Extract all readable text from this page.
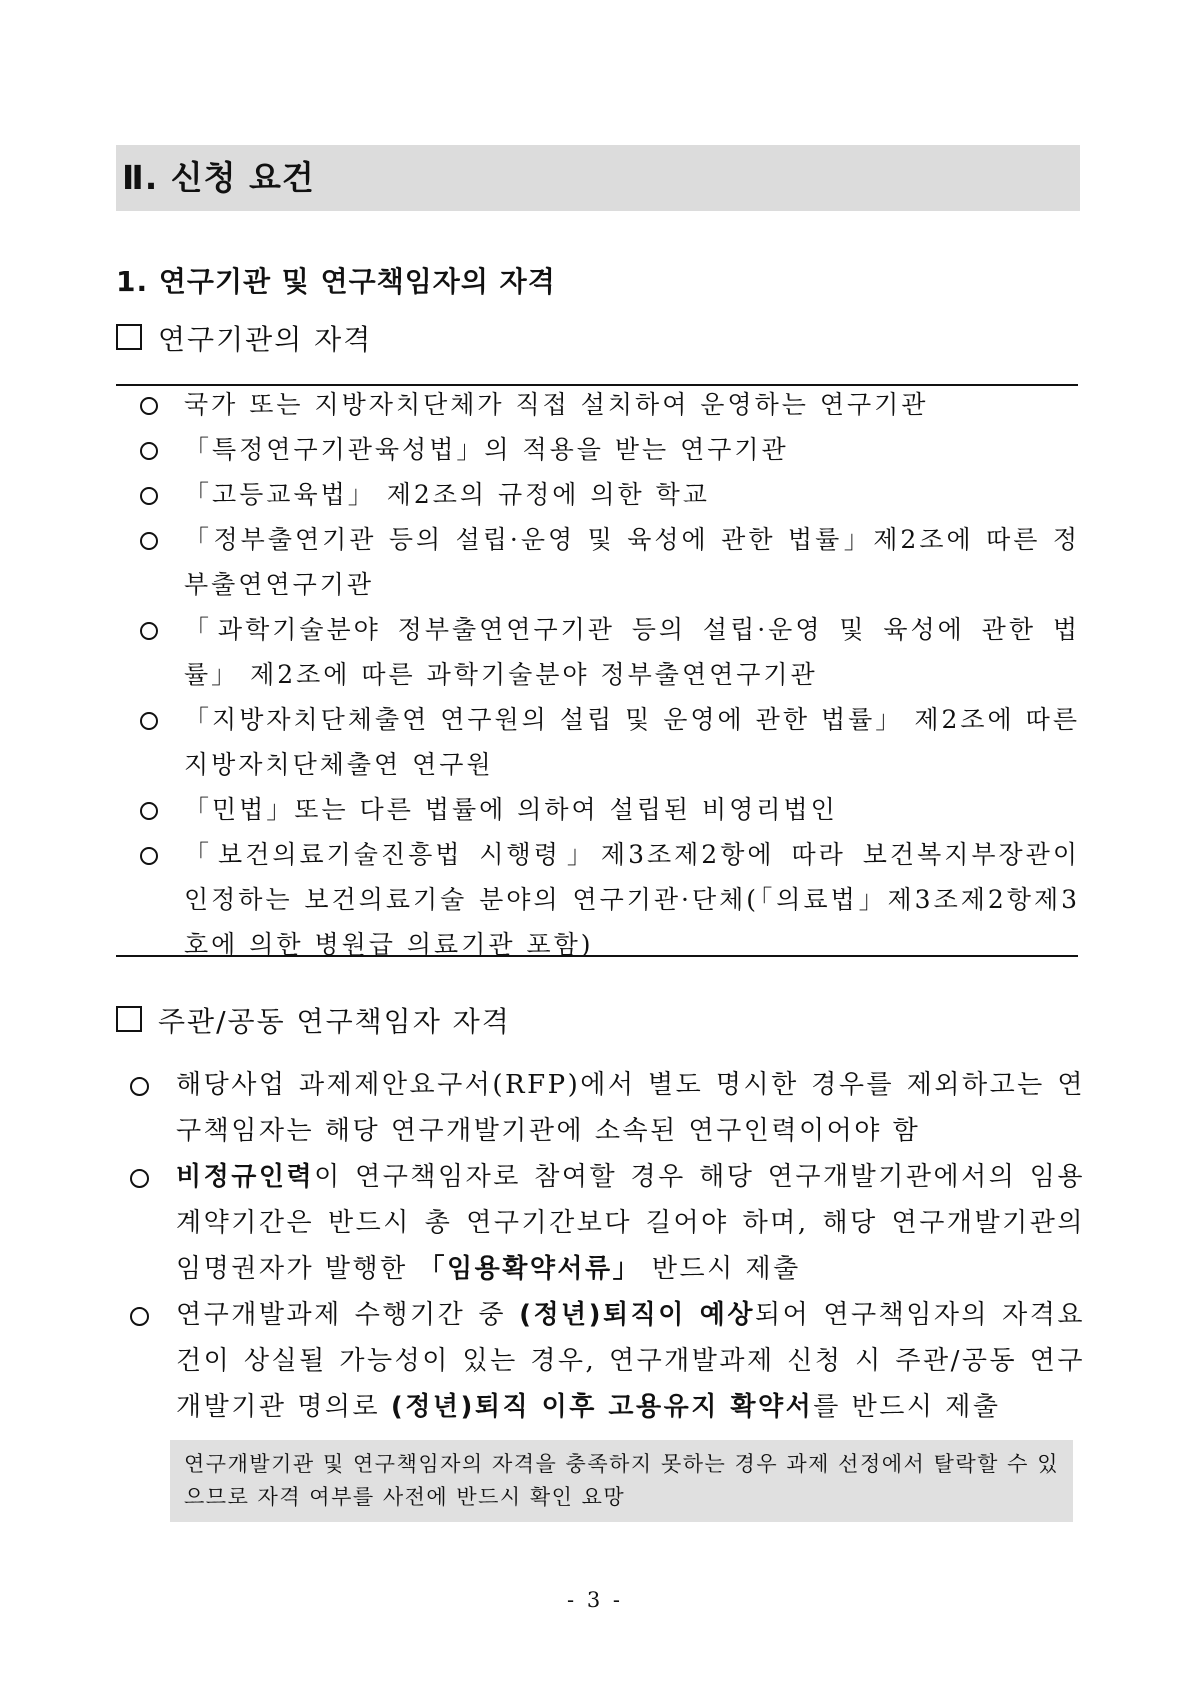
Ⅱ. 신청 요건
1. 연구기관 및 연구책임자의 자격
연구기관의 자격
국가 또는 지방자치단체가 직접 설치하여 운영하는 연구기관
「특정연구기관육성법」의 적용을 받는 연구기관
「고등교육법」 제2조의 규정에 의한 학교
「정부출연기관 등의 설립·운영 및 육성에 관한 법률」제2조에 따른 정부출연연구기관
「과학기술분야 정부출연연구기관 등의 설립·운영 및 육성에 관한 법률」 제2조에 따른 과학기술분야 정부출연연구기관
「지방자치단체출연 연구원의 설립 및 운영에 관한 법률」 제2조에 따른 지방자치단체출연 연구원
「민법」또는 다른 법률에 의하여 설립된 비영리법인
「보건의료기술진흥법 시행령」제3조제2항에 따라 보건복지부장관이 인정하는 보건의료기술 분야의 연구기관·단체(「의료법」제3조제2항제3호에 의한 병원급 의료기관 포함)
주관/공동 연구책임자 자격
해당사업 과제제안요구서(RFP)에서 별도 명시한 경우를 제외하고는 연구책임자는 해당 연구개발기관에 소속된 연구인력이어야 함
비정규인력이 연구책임자로 참여할 경우 해당 연구개발기관에서의 임용계약기간은 반드시 총 연구기간보다 길어야 하며, 해당 연구개발기관의 임명권자가 발행한 「임용확약서류」 반드시 제출
연구개발과제 수행기간 중 (정년)퇴직이 예상되어 연구책임자의 자격요건이 상실될 가능성이 있는 경우, 연구개발과제 신청 시 주관/공동 연구개발기관 명의로 (정년)퇴직 이후 고용유지 확약서를 반드시 제출
연구개발기관 및 연구책임자의 자격을 충족하지 못하는 경우 과제 선정에서 탈락할 수 있으므로 자격 여부를 사전에 반드시 확인 요망
- 3 -
